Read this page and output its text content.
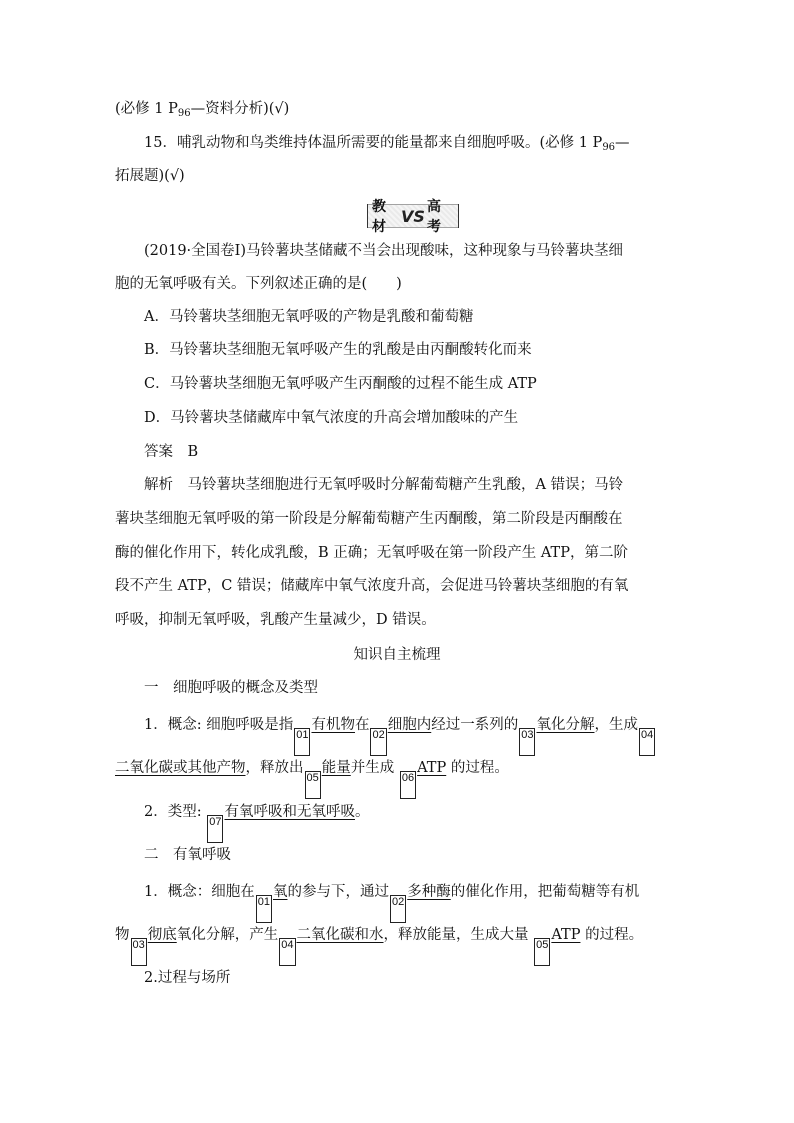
(必修 1 $P_{96}—$资料分析)(√)
15．哺乳动物和鸟类维持体温所需要的能量都来自细胞呼吸。(必修 1 $P_{96}—$
拓展题)(√)
教材
VS 高考
(2019·全国卷Ⅰ)马铃薯块茎储藏不当会出现酸味，这种现象与马铃薯块茎细
胞的无氧呼吸有关。下列叙述正确的是(　　)
A．马铃薯块茎细胞无氧呼吸的产物是乳酸和葡萄糖
B．马铃薯块茎细胞无氧呼吸产生的乳酸是由丙酮酸转化而来
C．马铃薯块茎细胞无氧呼吸产生丙酮酸的过程不能生成 ATP
D．马铃薯块茎储藏库中氧气浓度的升高会增加酸味的产生
答案　 B
解析　 马铃薯块茎细胞进行无氧呼吸时分解葡萄糖产生乳酸，A 错误；马铃
薯块茎细胞无氧呼吸的第一阶段是分解葡萄糖产生丙酮酸，第二阶段是丙酮酸在
酶的催化作用下，转化成乳酸，B 正确；无氧呼吸在第一阶段产生 ATP，第二阶
段不产生 ATP，C 错误；储藏库中氧气浓度升高，会促进马铃薯块茎细胞的有氧
呼吸，抑制无氧呼吸，乳酸产生量减少，D 错误。
知识自主梳理
一　细胞呼吸的概念及类型
1．概念: 细胞呼吸是指01有机物在02细胞内经过一系列的03氧化分解，生成04
二氧化碳或其他产物，释放出05能量并生成 06ATP 的过程。
2．类型: 07有氧呼吸和无氧呼吸。
二　有氧呼吸
1．概念：细胞在01氧的参与下，通过02多种酶的催化作用，把葡萄糖等有机
物03彻底氧化分解，产生04二氧化碳和水，释放能量，生成大量 05ATP 的过程。
2.过程与场所
